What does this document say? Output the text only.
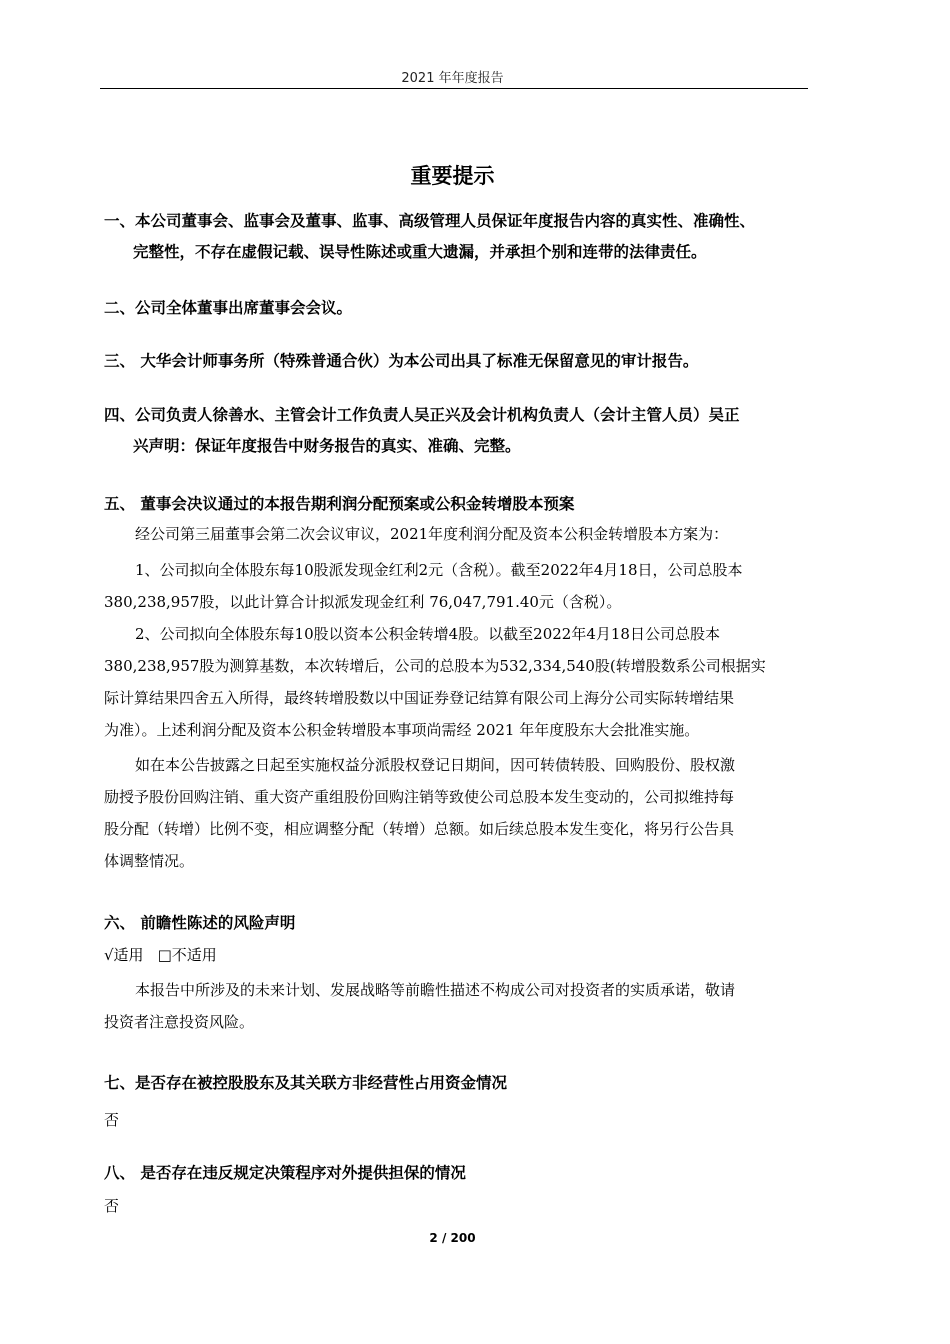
2021 年年度报告
重要提示
一、本公司董事会、监事会及董事、监事、高级管理人员保证年度报告内容的真实性、准确性、
完整性，不存在虚假记载、误导性陈述或重大遗漏，并承担个别和连带的法律责任。
二、公司全体董事出席董事会会议。
三、 大华会计师事务所（特殊普通合伙）为本公司出具了标准无保留意见的审计报告。
四、公司负责人徐善水、主管会计工作负责人吴正兴及会计机构负责人（会计主管人员）吴正
兴声明：保证年度报告中财务报告的真实、准确、完整。
五、 董事会决议通过的本报告期利润分配预案或公积金转增股本预案
经公司第三届董事会第二次会议审议，2021年度利润分配及资本公积金转增股本方案为：
1、公司拟向全体股东每10股派发现金红利2元（含税）。截至2022年4月18日，公司总股本
380,238,957股，以此计算合计拟派发现金红利 76,047,791.40元（含税）。
2、公司拟向全体股东每10股以资本公积金转增4股。以截至2022年4月18日公司总股本
380,238,957股为测算基数，本次转增后，公司的总股本为532,334,540股(转增股数系公司根据实
际计算结果四舍五入所得，最终转增股数以中国证券登记结算有限公司上海分公司实际转增结果
为准）。上述利润分配及资本公积金转增股本事项尚需经 2021 年年度股东大会批准实施。
如在本公告披露之日起至实施权益分派股权登记日期间，因可转债转股、回购股份、股权激
励授予股份回购注销、重大资产重组股份回购注销等致使公司总股本发生变动的，公司拟维持每
股分配（转增）比例不变，相应调整分配（转增）总额。如后续总股本发生变化，将另行公告具
体调整情况。
六、 前瞻性陈述的风险声明
√适用 □不适用
本报告中所涉及的未来计划、发展战略等前瞻性描述不构成公司对投资者的实质承诺，敬请
投资者注意投资风险。
七、是否存在被控股股东及其关联方非经营性占用资金情况
否
八、 是否存在违反规定决策程序对外提供担保的情况
否
2 / 200
